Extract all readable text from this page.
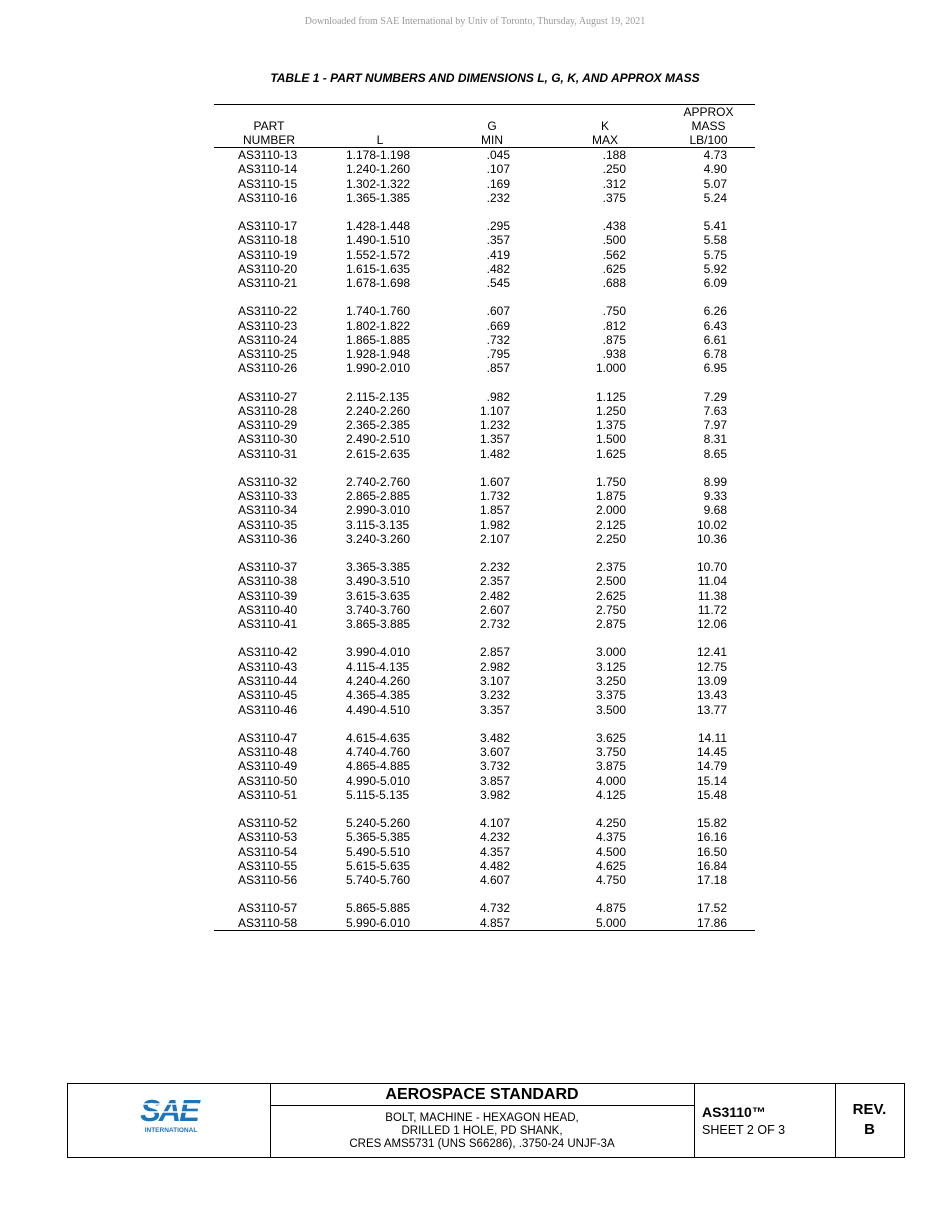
Downloaded from SAE International by Univ of Toronto, Thursday, August 19, 2021
TABLE 1 - PART NUMBERS AND DIMENSIONS L, G, K, AND APPROX MASS
				APPROX
PART		G	K	MASS
NUMBER	L	MIN	MAX	LB/100
AS3110-13	1.178-1.198	.045	.188	4.73
AS3110-14	1.240-1.260	.107	.250	4.90
AS3110-15	1.302-1.322	.169	.312	5.07
AS3110-16	1.365-1.385	.232	.375	5.24

AS3110-17	1.428-1.448	.295	.438	5.41
AS3110-18	1.490-1.510	.357	.500	5.58
AS3110-19	1.552-1.572	.419	.562	5.75
AS3110-20	1.615-1.635	.482	.625	5.92
AS3110-21	1.678-1.698	.545	.688	6.09

AS3110-22	1.740-1.760	.607	.750	6.26
AS3110-23	1.802-1.822	.669	.812	6.43
AS3110-24	1.865-1.885	.732	.875	6.61
AS3110-25	1.928-1.948	.795	.938	6.78
AS3110-26	1.990-2.010	.857	1.000	6.95

AS3110-27	2.115-2.135	.982	1.125	7.29
AS3110-28	2.240-2.260	1.107	1.250	7.63
AS3110-29	2.365-2.385	1.232	1.375	7.97
AS3110-30	2.490-2.510	1.357	1.500	8.31
AS3110-31	2.615-2.635	1.482	1.625	8.65

AS3110-32	2.740-2.760	1.607	1.750	8.99
AS3110-33	2.865-2.885	1.732	1.875	9.33
AS3110-34	2.990-3.010	1.857	2.000	9.68
AS3110-35	3.115-3.135	1.982	2.125	10.02
AS3110-36	3.240-3.260	2.107	2.250	10.36

AS3110-37	3.365-3.385	2.232	2.375	10.70
AS3110-38	3.490-3.510	2.357	2.500	11.04
AS3110-39	3.615-3.635	2.482	2.625	11.38
AS3110-40	3.740-3.760	2.607	2.750	11.72
AS3110-41	3.865-3.885	2.732	2.875	12.06

AS3110-42	3.990-4.010	2.857	3.000	12.41
AS3110-43	4.115-4.135	2.982	3.125	12.75
AS3110-44	4.240-4.260	3.107	3.250	13.09
AS3110-45	4.365-4.385	3.232	3.375	13.43
AS3110-46	4.490-4.510	3.357	3.500	13.77

AS3110-47	4.615-4.635	3.482	3.625	14.11
AS3110-48	4.740-4.760	3.607	3.750	14.45
AS3110-49	4.865-4.885	3.732	3.875	14.79
AS3110-50	4.990-5.010	3.857	4.000	15.14
AS3110-51	5.115-5.135	3.982	4.125	15.48

AS3110-52	5.240-5.260	4.107	4.250	15.82
AS3110-53	5.365-5.385	4.232	4.375	16.16
AS3110-54	5.490-5.510	4.357	4.500	16.50
AS3110-55	5.615-5.635	4.482	4.625	16.84
AS3110-56	5.740-5.760	4.607	4.750	17.18

AS3110-57	5.865-5.885	4.732	4.875	17.52
AS3110-58	5.990-6.010	4.857	5.000	17.86
SAE
INTERNATIONAL
AEROSPACE STANDARD
BOLT, MACHINE - HEXAGON HEAD,
DRILLED 1 HOLE, PD SHANK,
CRES AMS5731 (UNS S66286), .3750-24 UNJF-3A
AS3110™
SHEET 2 OF 3
REV.
B
